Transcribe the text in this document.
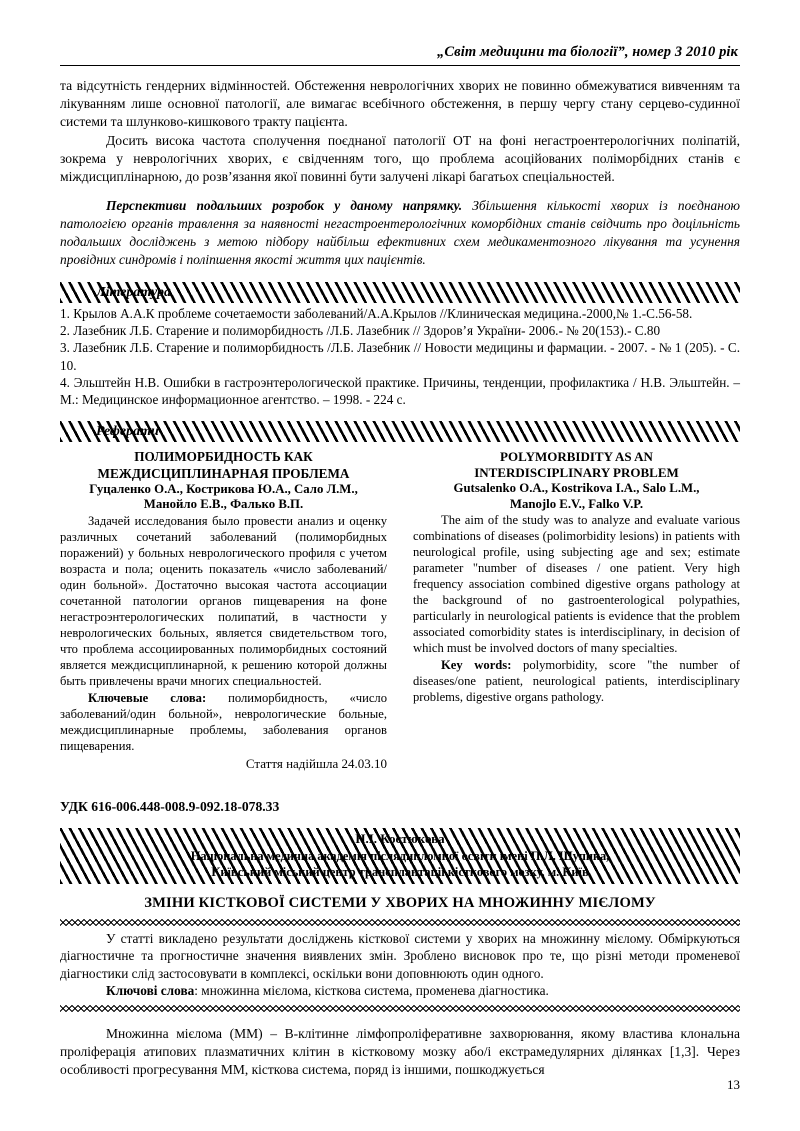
„Світ медицини та біології”, номер 3 2010 рік

та відсутність гендерних відмінностей. Обстеження неврологічних хворих не повинно обмежуватися вивченням та лікуванням лише основної патології, але вимагає всебічного обстеження, в першу чергу стану серцево-судинної системи та шлунково-кишкового тракту пацієнта.

Досить висока частота сполучення поєднаної патології ОТ на фоні негастроентерологічних поліпатій, зокрема у неврологічних хворих, є свідченням того, що проблема асоційованих поліморбідних станів є міждисциплінарною, до розв’язання якої повинні бути залучені лікарі багатьох спеціальностей.

Перспективи подальших розробок у даному напрямку. Збільшення кількості хворих із поєднаною патологією органів травлення за наявності негастроентерологічних коморбідних станів свідчить про доцільність подальших досліджень з метою підбору найбільш ефективних схем медикаментозного лікування та усунення провідних синдромів і поліпшення якості життя цих пацієнтів.

Література

1. Крылов А.А.К проблеме сочетаемости заболеваний/А.А.Крылов //Клиническая медицина.-2000,№ 1.-С.56-58.

2. Лазебник Л.Б. Старение и полиморбидность /Л.Б. Лазебник // Здоров’я України- 2006.- № 20(153).- С.80

3. Лазебник Л.Б. Старение и полиморбидность /Л.Б. Лазебник // Новости медицины и фармации. - 2007. - № 1 (205). - С. 10.

4. Эльштейн Н.В. Ошибки в гастроэнтерологической практике. Причины, тенденции, профилактика / Н.В. Эльштейн. – М.: Медицинское информационное агентство. – 1998. - 224 с.

Реферати

ПОЛИМОРБИДНОСТЬ КАК

МЕЖДИСЦИПЛИНАРНАЯ ПРОБЛЕМА

Гуцаленко О.А., Кострикова Ю.А., Сало Л.М.,

Манойло Е.В., Фалько В.П.

Задачей исследования было провести анализ и оценку различных сочетаний заболеваний (полиморбидных поражений) у больных неврологического профиля с учетом возраста и пола; оценить показатель «число заболеваний/один больной». Достаточно высокая частота ассоциации сочетанной патологии органов пищеварения на фоне негастроэнтерологических полипатий, в частности у неврологических больных, является свидетельством того, что проблема ассоциированных полиморбидных состояний является междисциплинарной, к решению которой должны быть привлечены врачи многих специальностей.

Ключевые слова: полиморбидность, «число заболеваний/один больной», неврологические больные, междисциплинарные проблемы, заболевания органов пищеварения.

Стаття надійшла 24.03.10

POLYMORBIDITY AS AN

INTERDISCIPLINARY PROBLEM

Gutsalenko O.A., Kostrikova I.A., Salo L.M.,

Manojlo E.V., Falko V.P.

The aim of the study was to analyze and evaluate various combinations of diseases (polimorbidity lesions) in patients with neurological profile, using subjecting age and sex; estimate parameter "number of diseases / one patient. Very high frequency association combined digestive organs pathology at the background of no gastroenterological polypathies, particularly in neurological patients is evidence that the problem associated comorbidity states is interdisciplinary, in decision of which must be involved doctors of many specialties.

Key words: polymorbidity, score "the number of diseases/one patient, neurological patients, interdisciplinary problems, digestive organs pathology.

УДК 616-006.448-008.9-092.18-078.33
Н.І. Костюкова
Національна медична академія післядипломної освіти імені П.Л. Шупика,
Київський міський центр трансплантації кісткового мозку, м. Київ
ЗМІНИ КІСТКОВОЇ СИСТЕМИ У ХВОРИХ НА МНОЖИННУ МІЄЛОМУ

У статті викладено результати досліджень кісткової системи у хворих на множинну мієлому. Обміркуються діагностичне та прогностичне значення виявлених змін. Зроблено висновок про те, що різні методи променевої діагностики слід застосовувати в комплексі, оскільки вони доповнюють один одного.

Ключові слова: множинна мієлома, кісткова система, променева діагностика.

Множинна мієлома (ММ) – В-клітинне лімфопроліферативне захворювання, якому властива клональна проліферація атипових плазматичних клітин в кістковому мозку або/і екстрамедулярних ділянках [1,3]. Через особливості прогресування ММ, кісткова система, поряд із іншими, пошкоджується

13
